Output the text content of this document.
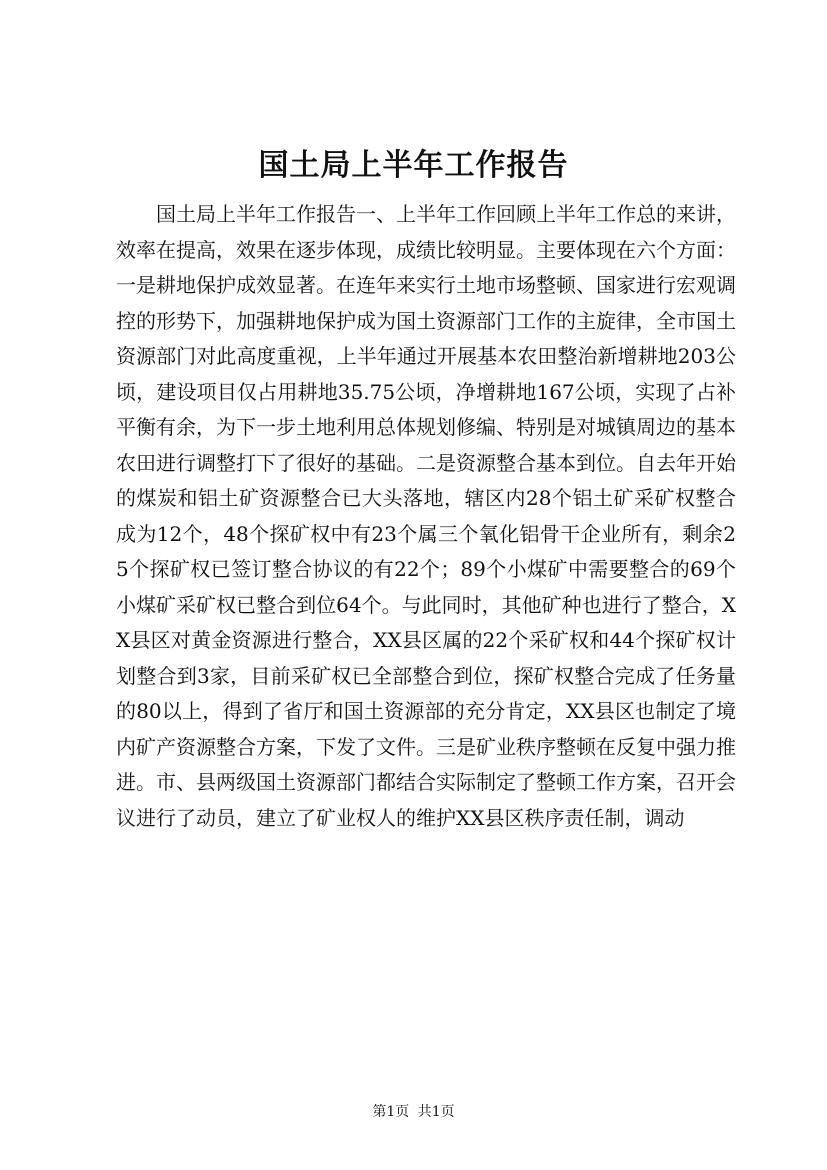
国土局上半年工作报告

国土局上半年工作报告一、上半年工作回顾上半年工作总的来讲，效率在提高，效果在逐步体现，成绩比较明显。主要体现在六个方面：一是耕地保护成效显著。在连年来实行土地市场整顿、国家进行宏观调控的形势下，加强耕地保护成为国土资源部门工作的主旋律，全市国土资源部门对此高度重视，上半年通过开展基本农田整治新增耕地203公顷，建设项目仅占用耕地35.75公顷，净增耕地167公顷，实现了占补平衡有余，为下一步土地利用总体规划修编、特别是对城镇周边的基本农田进行调整打下了很好的基础。二是资源整合基本到位。自去年开始的煤炭和铝土矿资源整合已大头落地，辖区内28个铝土矿采矿权整合成为12个，48个探矿权中有23个属三个氧化铝骨干企业所有，剩余25个探矿权已签订整合协议的有22个；89个小煤矿中需要整合的69个小煤矿采矿权已整合到位64个。与此同时，其他矿种也进行了整合，XX县区对黄金资源进行整合，XX县区属的22个采矿权和44个探矿权计划整合到3家，目前采矿权已全部整合到位，探矿权整合完成了任务量的80以上，得到了省厅和国土资源部的充分肯定，XX县区也制定了境内矿产资源整合方案，下发了文件。三是矿业秩序整顿在反复中强力推进。市、县两级国土资源部门都结合实际制定了整顿工作方案，召开会议进行了动员，建立了矿业权人的维护XX县区秩序责任制，调动

第1页 共1页
